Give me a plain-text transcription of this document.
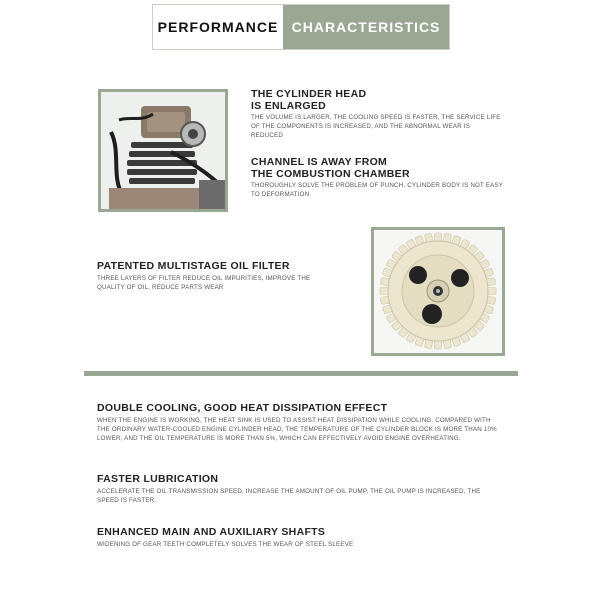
PERFORMANCE CHARACTERISTICS
THE CYLINDER HEAD
IS ENLARGED
THE VOLUME IS LARGER, THE COOLING SPEED IS FASTER, THE SERVICE LIFE OF THE COMPONENTS IS INCREASED, AND THE ABNORMAL WEAR IS REDUCED
CHANNEL IS AWAY FROM
THE COMBUSTION CHAMBER
THOROUGHLY SOLVE THE PROBLEM OF PUNCH, CYLINDER BODY IS NOT EASY TO DEFORMATION
PATENTED MULTISTAGE OIL FILTER
THREE LAYERS OF FILTER REDUCE OIL IMPURITIES, IMPROVE THE QUALITY OF OIL, REDUCE PARTS WEAR
DOUBLE COOLING, GOOD HEAT DISSIPATION EFFECT
WHEN THE ENGINE IS WORKING, THE HEAT SINK IS USED TO ASSIST HEAT DISSIPATION WHILE COOLING. COMPARED WITH THE ORDINARY WATER-COOLED ENGINE CYLINDER HEAD, THE TEMPERATURE OF THE CYLINDER BLOCK IS MORE THAN 10% LOWER, AND THE OIL TEMPERATURE IS MORE THAN 5%, WHICH CAN EFFECTIVELY AVOID ENGINE OVERHEATING.
FASTER LUBRICATION
ACCELERATE THE OIL TRANSMISSION SPEED, INCREASE THE AMOUNT OF OIL PUMP, THE OIL PUMP IS INCREASED, THE SPEED IS FASTER.
ENHANCED MAIN AND AUXILIARY SHAFTS
WIDENING OF GEAR TEETH COMPLETELY SOLVES THE WEAR OF STEEL SLEEVE
